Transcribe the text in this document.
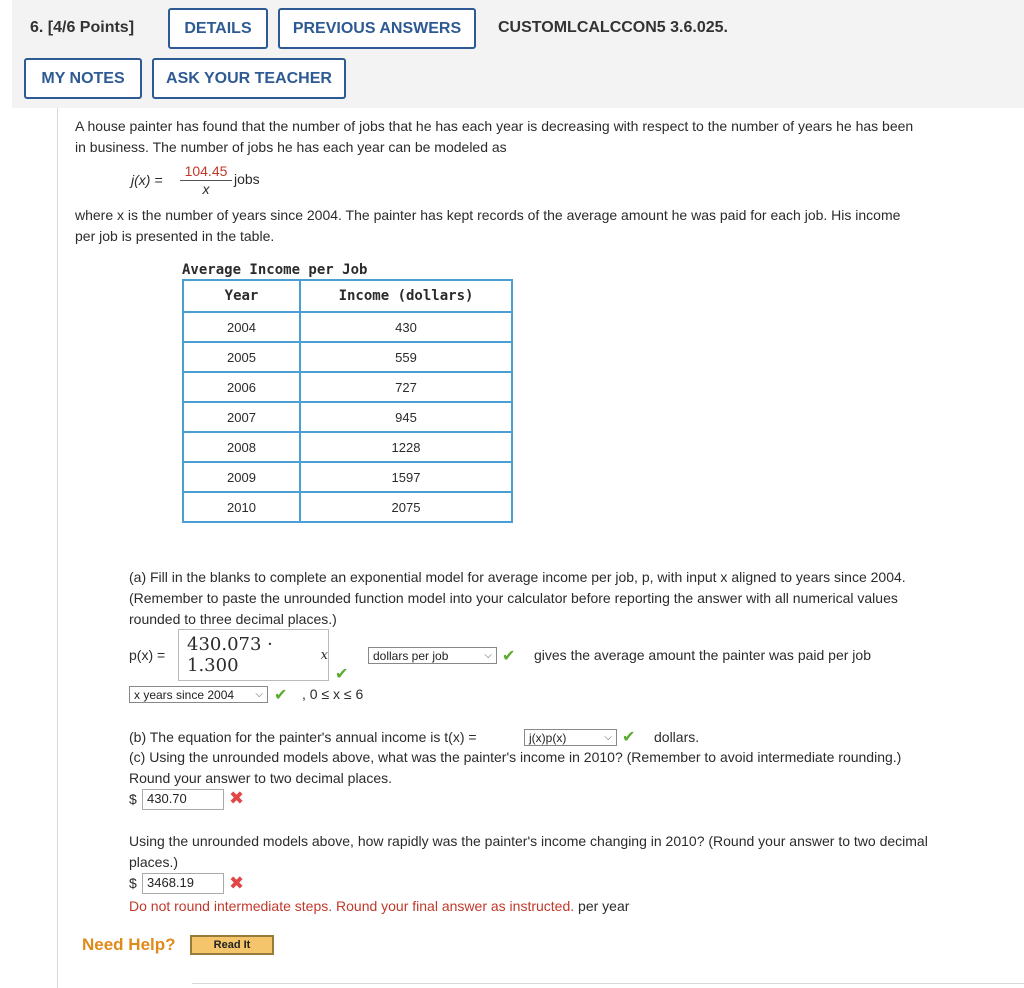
6. [4/6 Points]	DETAILS	PREVIOUS ANSWERS	CUSTOMLCALCCON5 3.6.025.
MY NOTES	ASK YOUR TEACHER
A house painter has found that the number of jobs that he has each year is decreasing with respect to the number of years he has been
in business. The number of jobs he has each year can be modeled as
$j(x) = \frac{104.45}{x}$ jobs
where x is the number of years since 2004. The painter has kept records of the average amount he was paid for each job. His income
per job is presented in the table.
Average Income per Job
Year	Income (dollars)
2004	430
2005	559
2006	727
2007	945
2008	1228
2009	1597
2010	2075
(a) Fill in the blanks to complete an exponential model for average income per job, p, with input x aligned to years since 2004.
(Remember to paste the unrounded function model into your calculator before reporting the answer with all numerical values
rounded to three decimal places.)
p(x) = 430.073 · 1.300	x
✔
dollars per job	⌵ ✔ gives the average amount the painter was paid per job
x years since 2004 ⌵ ✔ , 0 ≤ x ≤ 6
(b) The equation for the painter's annual income is t(x) =	j(x)p(x)	⌵ ✔ dollars.
(c) Using the unrounded models above, what was the painter's income in 2010? (Remember to avoid intermediate rounding.)
Round your answer to two decimal places.
$ 430.70	✖
Using the unrounded models above, how rapidly was the painter's income changing in 2010? (Round your answer to two decimal
places.)
$ 3468.19	✖
Do not round intermediate steps. Round your final answer as instructed. per year
Need Help?	Read It
